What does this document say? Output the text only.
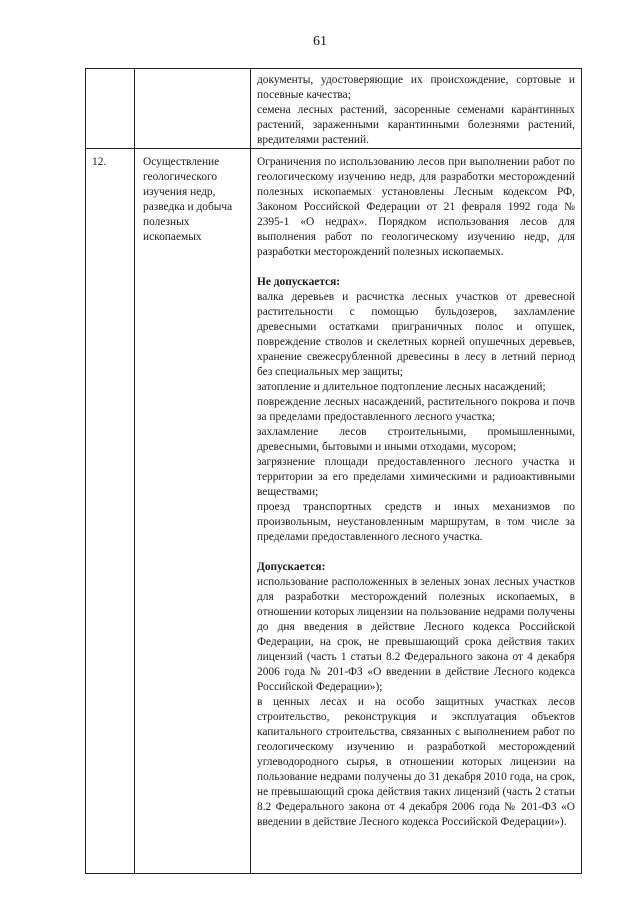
61

документы, удостоверяющие их происхождение, сортовые и посевные качества;

семена лесных растений, засоренные семенами карантинных растений, зараженными карантинными болезнями растений, вредителями растений.

12.	Осуществление геологического изучения недр, разведка и добыча полезных ископаемых

Ограничения по использованию лесов при выполнении работ по геологическому изучению недр, для разработки месторождений полезных ископаемых установлены Лесным кодексом РФ, Законом Российской Федерации от 21 февраля 1992 года № 2395-1 «О недрах». Порядком использования лесов для выполнения работ по геологическому изучению недр, для разработки месторождений полезных ископаемых.

Не допускается:

валка деревьев и расчистка лесных участков от древесной растительности с помощью бульдозеров, захламление древесными остатками приграничных полос и опушек, повреждение стволов и скелетных корней опушечных деревьев, хранение свежесрубленной древесины в лесу в летний период без специальных мер защиты;

затопление и длительное подтопление лесных насаждений;

повреждение лесных насаждений, растительного покрова и почв за пределами предоставленного лесного участка;

захламление лесов строительными, промышленными, древесными, бытовыми и иными отходами, мусором;

загрязнение площади предоставленного лесного участка и территории за его пределами химическими и радиоактивными веществами;

проезд транспортных средств и иных механизмов по произвольным, неустановленным маршрутам, в том числе за пределами предоставленного лесного участка.

Допускается:

использование расположенных в зеленых зонах лесных участков для разработки месторождений полезных ископаемых, в отношении которых лицензии на пользование недрами получены до дня введения в действие Лесного кодекса Российской Федерации, на срок, не превышающий срока действия таких лицензий (часть 1 статьи 8.2 Федерального закона от 4 декабря 2006 года № 201-ФЗ «О введении в действие Лесного кодекса Российской Федерации»);

в ценных лесах и на особо защитных участках лесов строительство, реконструкция и эксплуатация объектов капитального строительства, связанных с выполнением работ по геологическому изучению и разработкой месторождений углеводородного сырья, в отношении которых лицензии на пользование недрами получены до 31 декабря 2010 года, на срок, не превышающий срока действия таких лицензий (часть 2 статьи 8.2 Федерального закона от 4 декабря 2006 года № 201-ФЗ «О введении в действие Лесного кодекса Российской Федерации»).
